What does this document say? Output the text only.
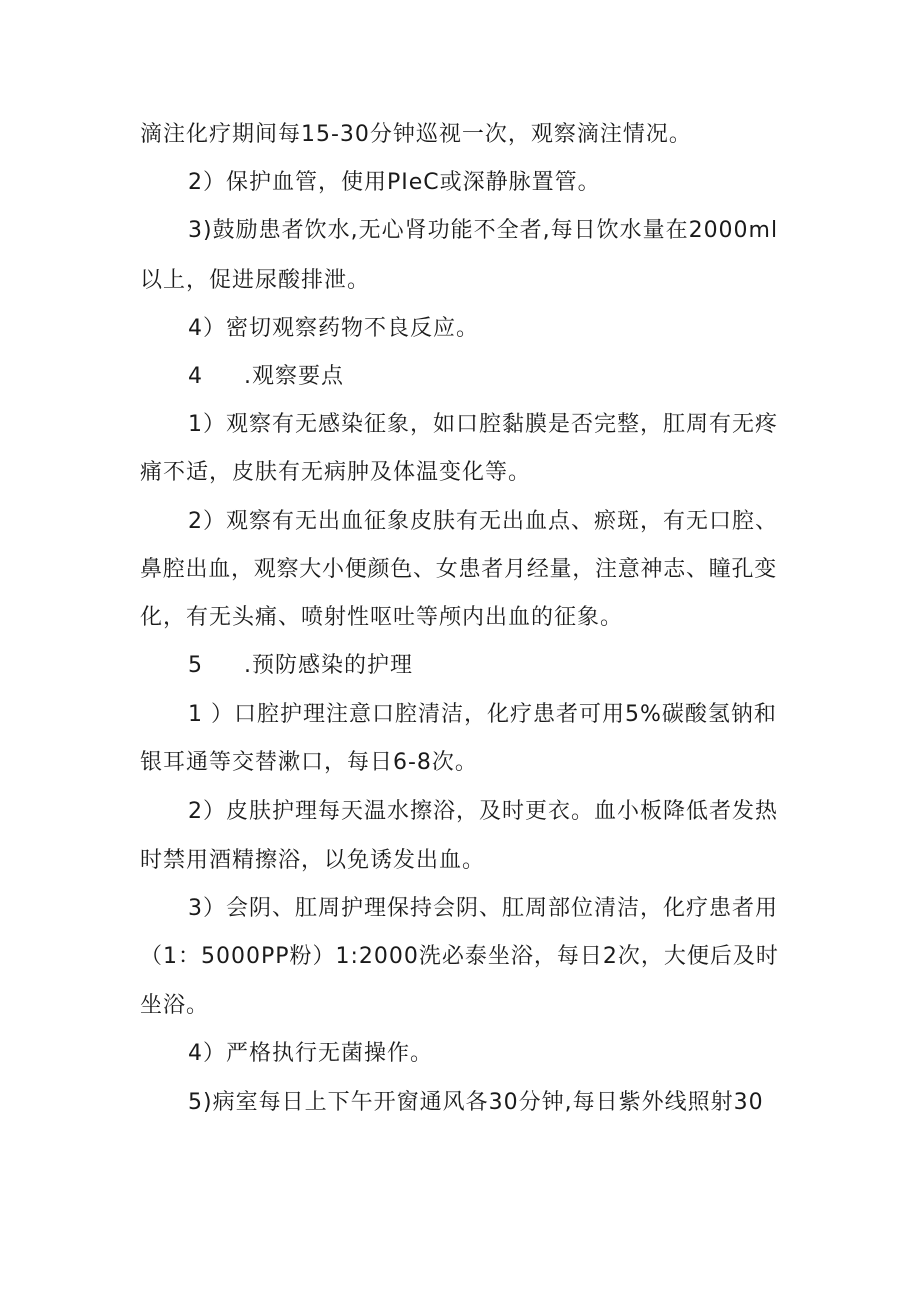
滴注化疗期间每15-30分钟巡视一次，观察滴注情况。
2）保护血管，使用PIeC或深静脉置管。
3)鼓励患者饮水,无心肾功能不全者,每日饮水量在2000ml
以上，促进尿酸排泄。
4）密切观察药物不良反应。
4 .观察要点
1）观察有无感染征象，如口腔黏膜是否完整，肛周有无疼
痛不适，皮肤有无病肿及体温变化等。
2）观察有无出血征象皮肤有无出血点、瘀斑，有无口腔、
鼻腔出血，观察大小便颜色、女患者月经量，注意神志、瞳孔变
化，有无头痛、喷射性呕吐等颅内出血的征象。
5 .预防感染的护理
1 ）口腔护理注意口腔清洁，化疗患者可用5%碳酸氢钠和
银耳通等交替漱口，每日6-8次。
2）皮肤护理每天温水擦浴，及时更衣。血小板降低者发热
时禁用酒精擦浴，以免诱发出血。
3）会阴、肛周护理保持会阴、肛周部位清洁，化疗患者用
（1：5000PP粉）1:2000洗必泰坐浴，每日2次，大便后及时
坐浴。
4）严格执行无菌操作。
5)病室每日上下午开窗通风各30分钟,每日紫外线照射30
